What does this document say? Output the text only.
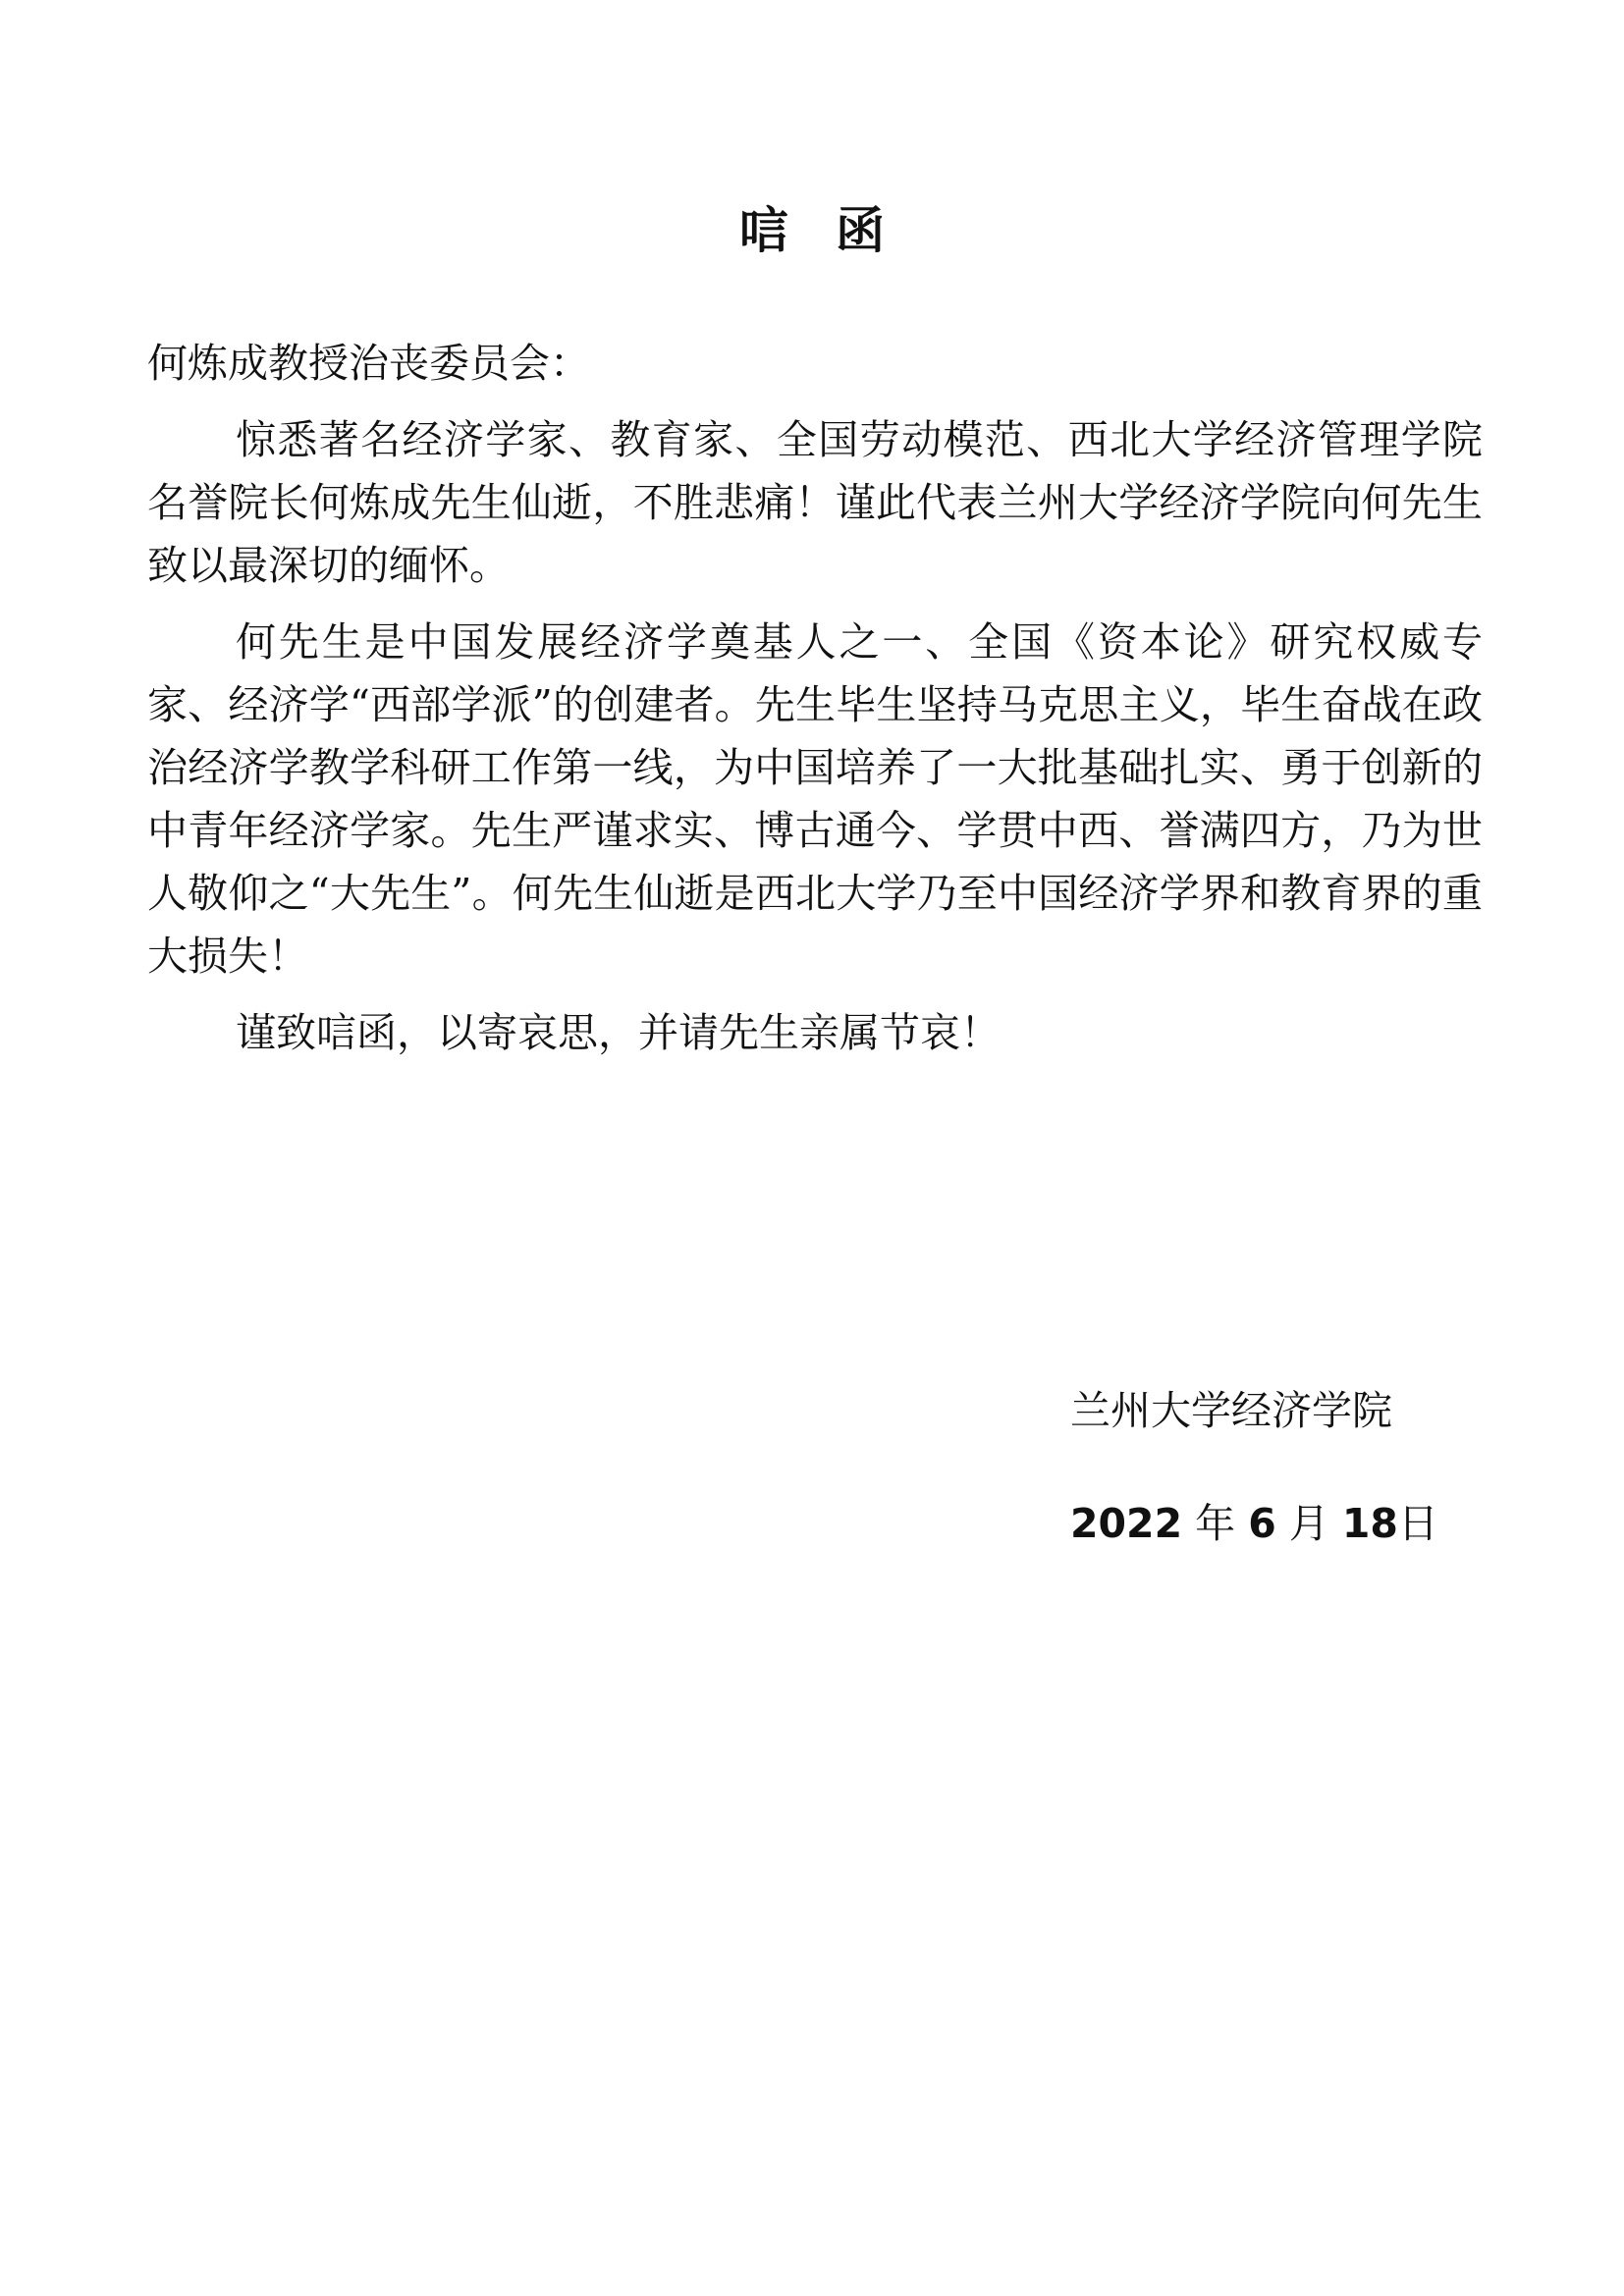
唁函

何炼成教授治丧委员会：

惊悉著名经济学家、教育家、全国劳动模范、西北大学经济管理学院名誉院长何炼成先生仙逝，不胜悲痛！谨此代表兰州大学经济学院向何先生致以最深切的缅怀。

何先生是中国发展经济学奠基人之一、全国《资本论》研究权威专家、经济学“西部学派”的创建者。先生毕生坚持马克思主义，毕生奋战在政治经济学教学科研工作第一线，为中国培养了一大批基础扎实、勇于创新的中青年经济学家。先生严谨求实、博古通今、学贯中西、誉满四方，乃为世人敬仰之“大先生”。何先生仙逝是西北大学乃至中国经济学界和教育界的重大损失！

谨致唁函，以寄哀思，并请先生亲属节哀！

兰州大学经济学院
2022 年 6 月 18日
